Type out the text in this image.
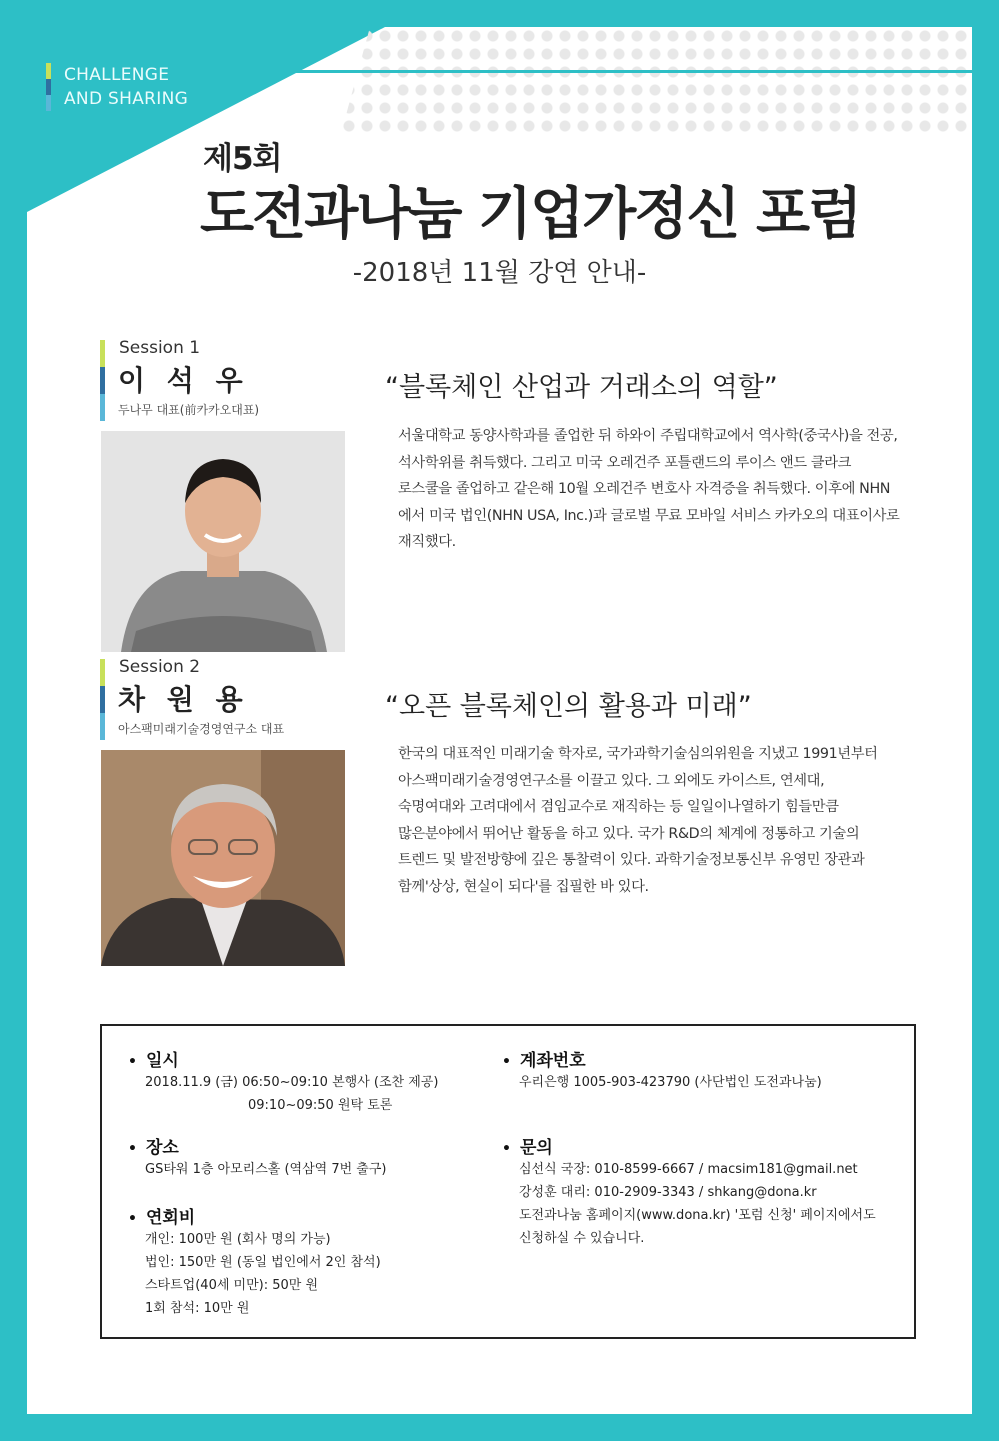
CHALLENGE
AND SHARING
제5회
도전과나눔 기업가정신 포럼
-2018년 11월 강연 안내-
Session 1
이 석 우
두나무 대표(前카카오대표)
“블록체인 산업과 거래소의 역할”
서울대학교 동양사학과를 졸업한 뒤 하와이 주립대학교에서 역사학(중국사)을 전공,
석사학위를 취득했다. 그리고 미국 오레건주 포틀랜드의 루이스 앤드 클라크
로스쿨을 졸업하고 같은해 10월 오레건주 변호사 자격증을 취득했다. 이후에 NHN
에서 미국 법인(NHN USA, Inc.)과 글로벌 무료 모바일 서비스 카카오의 대표이사로
재직했다.
Session 2
차 원 용
아스팩미래기술경영연구소 대표
“오픈 블록체인의 활용과 미래”
한국의 대표적인 미래기술 학자로, 국가과학기술심의위원을 지냈고 1991년부터
아스팩미래기술경영연구소를 이끌고 있다. 그 외에도 카이스트, 연세대,
숙명여대와 고려대에서 겸임교수로 재직하는 등 일일이나열하기 힘들만큼
많은분야에서 뛰어난 활동을 하고 있다. 국가 R&D의 체계에 정통하고 기술의
트렌드 및 발전방향에 깊은 통찰력이 있다. 과학기술정보통신부 유영민 장관과
함께'상상, 현실이 되다'를 집필한 바 있다.
• 일시
2018.11.9 (금) 06:50~09:10 본행사 (조찬 제공)
09:10~09:50 원탁 토론
• 장소
GS타워 1층 아모리스홀 (역삼역 7번 출구)
• 연회비
개인: 100만 원 (회사 명의 가능)
법인: 150만 원 (동일 법인에서 2인 참석)
스타트업(40세 미만): 50만 원
1회 참석: 10만 원
• 계좌번호
우리은행 1005-903-423790 (사단법인 도전과나눔)
• 문의
심선식 국장: 010-8599-6667 / macsim181@gmail.net
강성훈 대리: 010-2909-3343 / shkang@dona.kr
도전과나눔 홈페이지(www.dona.kr) '포럼 신청' 페이지에서도
신청하실 수 있습니다.
